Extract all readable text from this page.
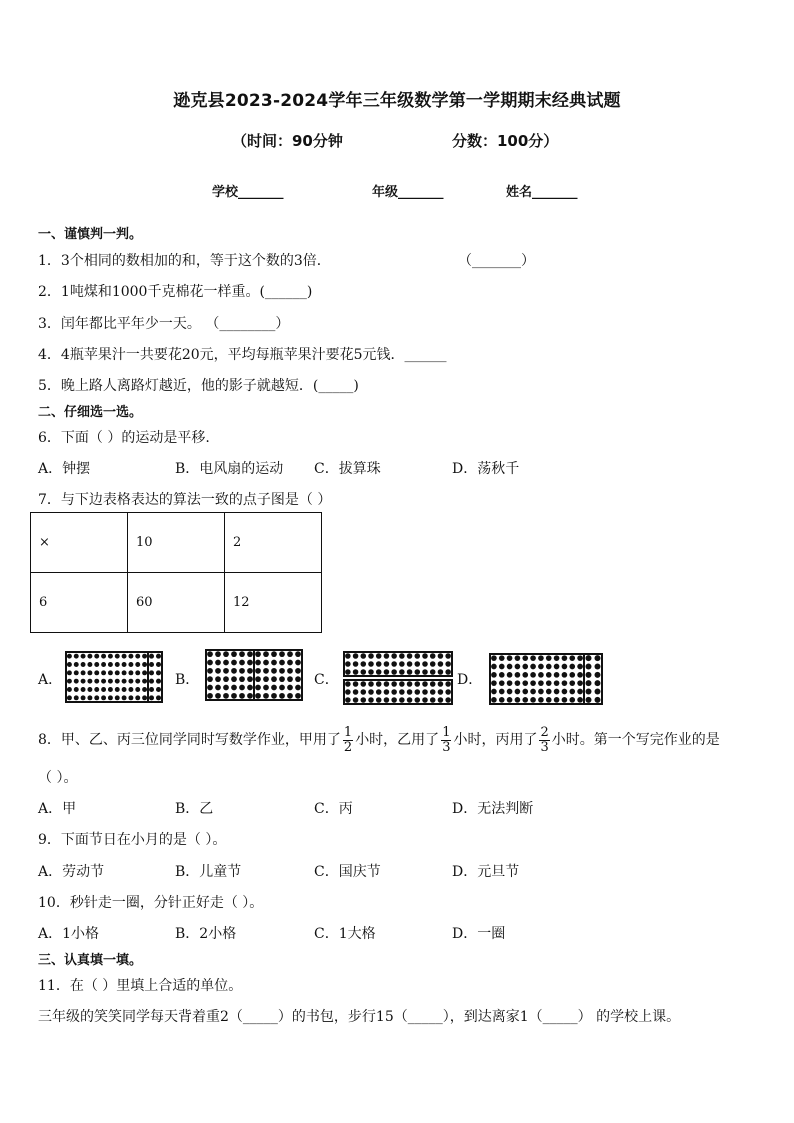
逊克县2023-2024学年三年级数学第一学期期末经典试题
（时间：90分钟	分数：100分）
学校_______	年级_______	姓名_______
一、谨慎判一判。
1．3个相同的数相加的和，等于这个数的3倍．	（_______）
2．1吨煤和1000千克棉花一样重。(______)
3．闰年都比平年少一天。 （________）
4．4瓶苹果汁一共要花20元，平均每瓶苹果汁要花5元钱．______
5．晚上路人离路灯越近，他的影子就越短．(_____)
二、仔细选一选。
6．下面（ ）的运动是平移.
A．钟摆	B．电风扇的运动 C．拔算珠	D．荡秋千
7．与下边表格表达的算法一致的点子图是（ ）
×	10	2
6	60	12
A．	B．	C．	D．
8．甲、乙、丙三位同学同时写数学作业，甲用了 $\frac{1}{2}$ 小时，乙用了 $\frac{1}{3}$ 小时，丙用了 $\frac{2}{3}$ 小时。第一个写完作业的是
（ ）。
A．甲	B．乙	C．丙	D．无法判断
9．下面节日在小月的是（ ）。
A．劳动节	B．儿童节	C．国庆节	D．元旦节
10．秒针走一圈，分针正好走（ ）。
A．1小格	B．2小格	C．1大格	D．一圈
三、认真填一填。
11．在（ ）里填上合适的单位。
三年级的笑笑同学每天背着重2（_____）的书包，步行15（_____），到达离家1（_____） 的学校上课。
